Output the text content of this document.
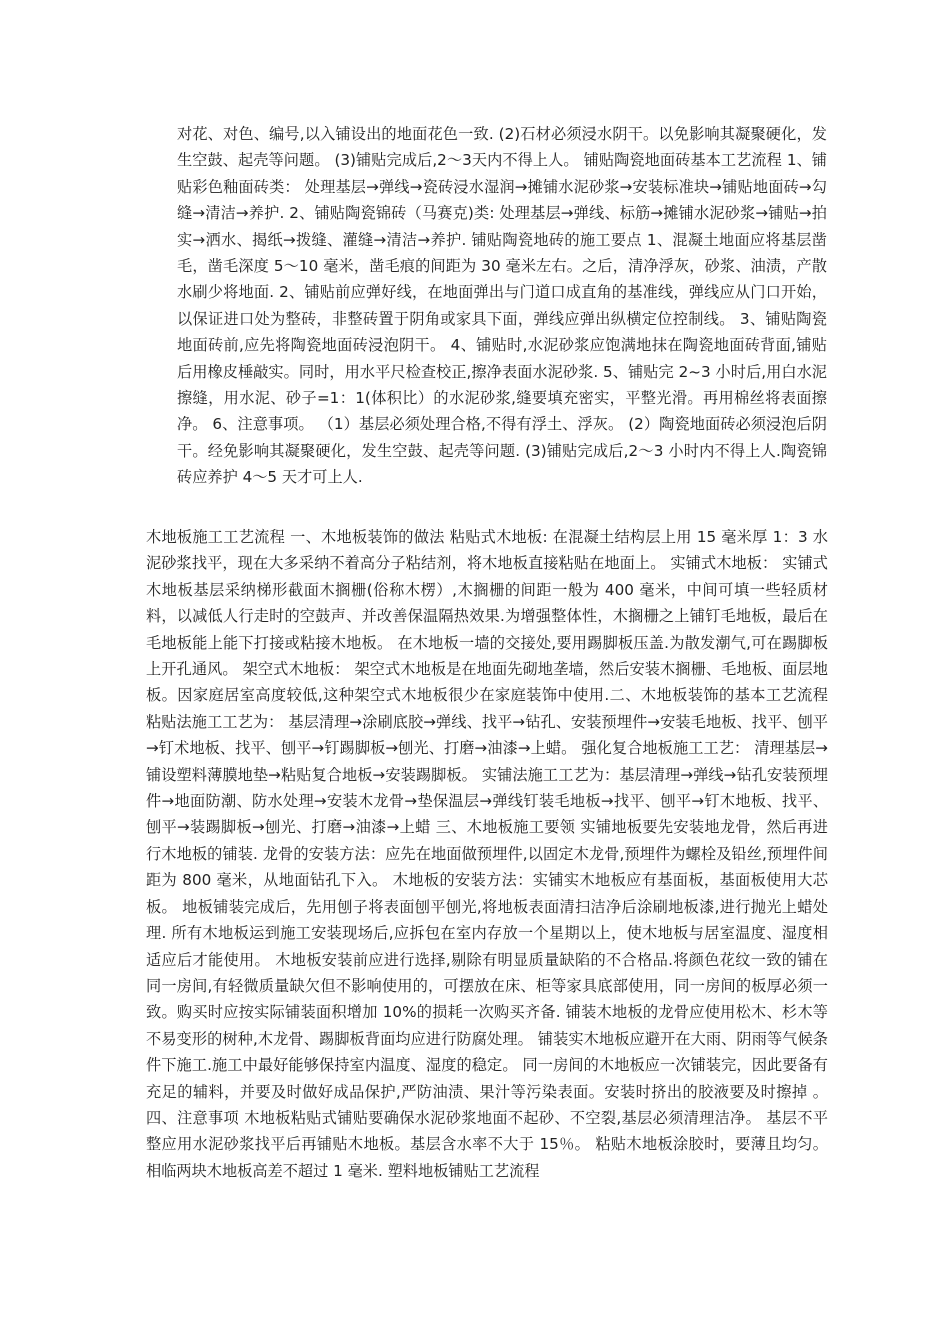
对花、对色、编号,以入铺设出的地面花色一致. (2)石材必须浸水阴干。以免影响其凝聚硬化，发生空鼓、起壳等问题。 (3)铺贴完成后,2～3天内不得上人。 铺贴陶瓷地面砖基本工艺流程 1、铺贴彩色釉面砖类： 处理基层→弹线→瓷砖浸水湿润→摊铺水泥砂浆→安装标准块→铺贴地面砖→勾缝→清洁→养护. 2、铺贴陶瓷锦砖（马赛克)类: 处理基层→弹线、标筋→摊铺水泥砂浆→铺贴→拍实→洒水、揭纸→拨缝、灌缝→清洁→养护. 铺贴陶瓷地砖的施工要点 1、混凝土地面应将基层凿毛，凿毛深度 5～10 毫米，凿毛痕的间距为 30 毫米左右。之后，清净浮灰，砂浆、油渍，产散水刷少将地面. 2、铺贴前应弹好线，在地面弹出与门道口成直角的基准线，弹线应从门口开始，以保证进口处为整砖，非整砖置于阴角或家具下面，弹线应弹出纵横定位控制线。 3、铺贴陶瓷地面砖前,应先将陶瓷地面砖浸泡阴干。 4、铺贴时,水泥砂浆应饱满地抹在陶瓷地面砖背面,铺贴后用橡皮棰敲实。同时，用水平尺检查校正,擦净表面水泥砂浆. 5、铺贴完 2~3 小时后,用白水泥擦缝，用水泥、砂子=1：1(体积比）的水泥砂浆,缝要填充密实，平整光滑。再用棉丝将表面擦净。 6、注意事项。 （1）基层必须处理合格,不得有浮土、浮灰。 (2）陶瓷地面砖必须浸泡后阴干。经免影响其凝聚硬化，发生空鼓、起壳等问题. (3)铺贴完成后,2～3 小时内不得上人.陶瓷锦砖应养护 4～5 天才可上人.

木地板施工工艺流程 一、木地板装饰的做法 粘贴式木地板: 在混凝土结构层上用 15 毫米厚 1：3 水泥砂浆找平，现在大多采纳不着高分子粘结剂，将木地板直接粘贴在地面上。 实铺式木地板： 实铺式木地板基层采纳梯形截面木搁栅(俗称木楞）,木搁栅的间距一般为 400 毫米，中间可填一些轻质材料，以减低人行走时的空鼓声、并改善保温隔热效果.为增强整体性，木搁栅之上铺钉毛地板，最后在毛地板能上能下打接或粘接木地板。 在木地板一墙的交接处,要用踢脚板压盖.为散发潮气,可在踢脚板上开孔通风。 架空式木地板： 架空式木地板是在地面先砌地垄墙，然后安装木搁栅、毛地板、面层地板。因家庭居室高度较低,这种架空式木地板很少在家庭装饰中使用.二、木地板装饰的基本工艺流程 粘贴法施工工艺为： 基层清理→涂刷底胶→弹线、找平→钻孔、安装预埋件→安装毛地板、找平、刨平→钉术地板、找平、刨平→钉踢脚板→刨光、打磨→油漆→上蜡。 强化复合地板施工工艺： 清理基层→铺设塑料薄膜地垫→粘贴复合地板→安装踢脚板。 实铺法施工工艺为：基层清理→弹线→钻孔安装预埋件→地面防潮、防水处理→安装木龙骨→垫保温层→弹线钉装毛地板→找平、刨平→钉木地板、找平、刨平→装踢脚板→刨光、打磨→油漆→上蜡 三、木地板施工要领 实铺地板要先安装地龙骨，然后再进行木地板的铺装. 龙骨的安装方法：应先在地面做预埋件,以固定木龙骨,预埋件为螺栓及铅丝,预埋件间距为 800 毫米，从地面钻孔下入。 木地板的安装方法：实铺实木地板应有基面板，基面板使用大芯板。 地板铺装完成后，先用刨子将表面刨平刨光,将地板表面清扫洁净后涂刷地板漆,进行抛光上蜡处理. 所有木地板运到施工安装现场后,应拆包在室内存放一个星期以上，使木地板与居室温度、湿度相适应后才能使用。 木地板安装前应进行选择,剔除有明显质量缺陷的不合格品.将颜色花纹一致的铺在同一房间,有轻微质量缺欠但不影响使用的，可摆放在床、柜等家具底部使用，同一房间的板厚必须一致。购买时应按实际铺装面积增加 10%的损耗一次购买齐备. 铺装木地板的龙骨应使用松木、杉木等不易变形的树种,木龙骨、踢脚板背面均应进行防腐处理。 铺装实木地板应避开在大雨、阴雨等气候条件下施工.施工中最好能够保持室内温度、湿度的稳定。 同一房间的木地板应一次铺装完，因此要备有充足的辅料，并要及时做好成品保护,严防油渍、果汁等污染表面。安装时挤出的胶液要及时擦掉 。 四、注意事项 木地板粘贴式铺贴要确保水泥砂浆地面不起砂、不空裂,基层必须清理洁净。 基层不平整应用水泥砂浆找平后再铺贴木地板。基层含水率不大于 15％。 粘贴木地板涂胶时，要薄且均匀。相临两块木地板高差不超过 1 毫米. 塑料地板铺贴工艺流程
